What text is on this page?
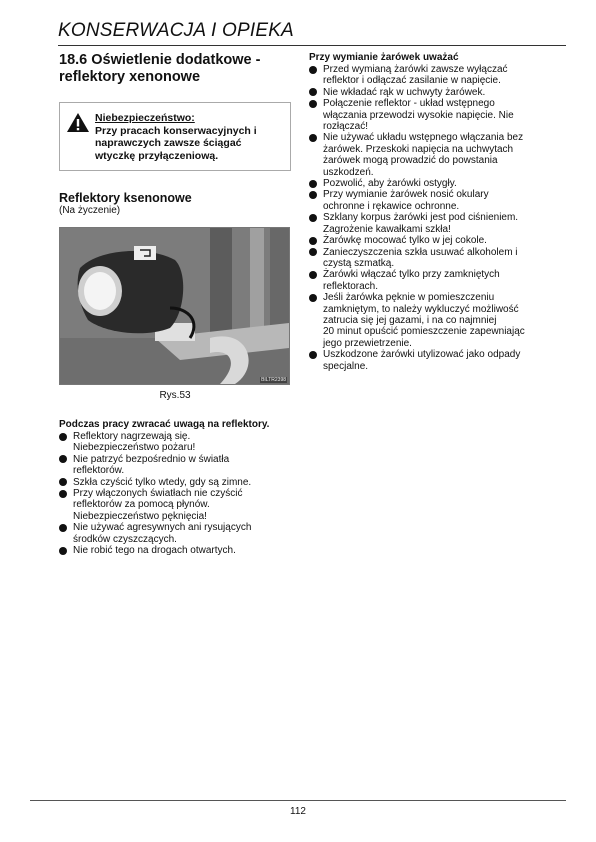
KONSERWACJA I OPIEKA
18.6 Oświetlenie dodatkowe -
reflektory xenonowe
Niebezpieczeństwo:
Przy pracach konserwacyjnych i
naprawczych zawsze ściągać
wtyczkę przyłączeniową.
Reflektory ksenonowe
(Na życzenie)
BILTR2398
Rys.53
Podczas pracy zwracać uwagą na reflektory.
Reflektory nagrzewają się.
Niebezpieczeństwo pożaru!
Nie patrzyć bezpośrednio w światła
reflektorów.
Szkła czyścić tylko wtedy, gdy są zimne.
Przy włączonych światłach nie czyścić
reflektorów za pomocą płynów.
Niebezpieczeństwo pęknięcia!
Nie używać agresywnych ani rysujących
środków czyszczących.
Nie robić tego na drogach otwartych.
Przy wymianie żarówek uważać
Przed wymianą żarówki zawsze wyłączać
reflektor i odłączać zasilanie w napięcie.
Nie wkładać rąk w uchwyty żarówek.
Połączenie reflektor - układ wstępnego
włączania przewodzi wysokie napięcie. Nie
rozłączać!
Nie używać układu wstępnego włączania bez
żarówek. Przeskoki napięcia na uchwytach
żarówek mogą prowadzić do powstania
uszkodzeń.
Pozwolić, aby żarówki ostygły.
Przy wymianie żarówek nosić okulary
ochronne i rękawice ochronne.
Szklany korpus żarówki jest pod ciśnieniem.
Zagrożenie kawałkami szkła!
Żarówkę mocować tylko w jej cokole.
Zanieczyszczenia szkła usuwać alkoholem i
czystą szmatką.
Żarówki włączać tylko przy zamkniętych
reflektorach.
Jeśli żarówka pęknie w pomieszczeniu
zamkniętym, to należy wykluczyć możliwość
zatrucia się jej gazami, i na co najmniej
20 minut opuścić pomieszczenie zapewniając
jego przewietrzenie.
Uszkodzone żarówki utylizować jako odpady
specjalne.
112
